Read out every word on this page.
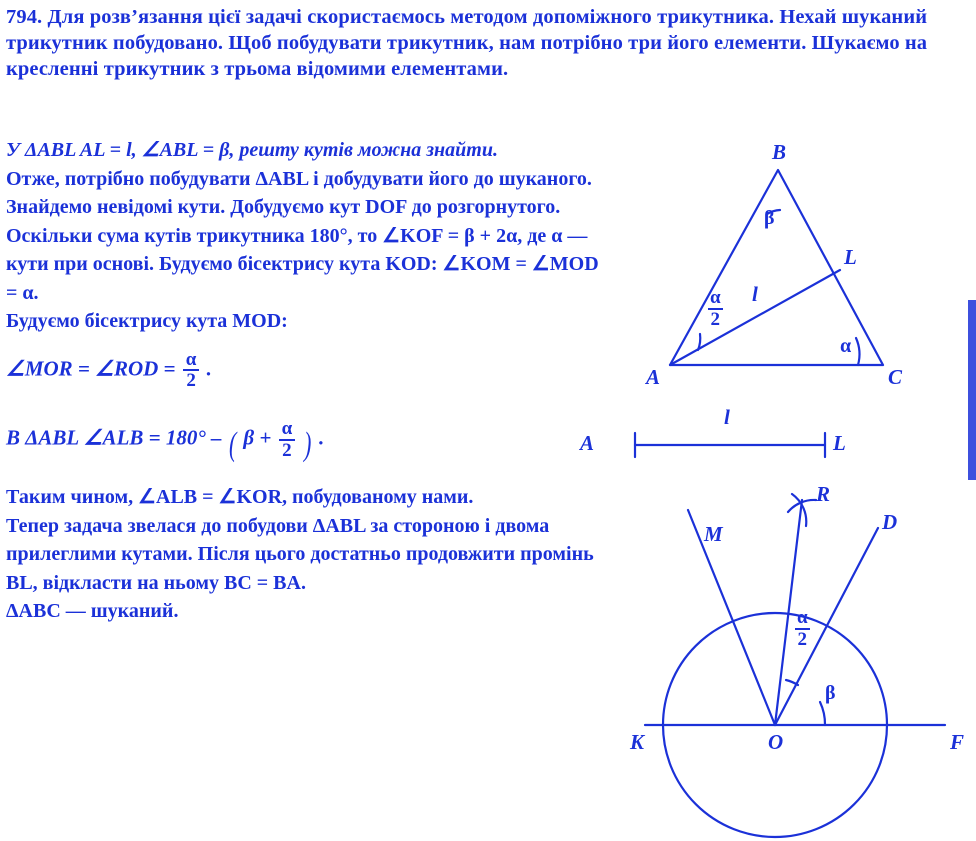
794. Для розв’язання цієї задачі скористаємось методом допоміжного трикутника. Нехай шуканий трикутник побудовано. Щоб побудувати трикутник, нам потрібно три його елементи. Шукаємо на кресленні трикутник з трьома відомими елементами.

У ΔABL AL = l, ∠ABL = β, решту кутів можна знайти.

Отже, потрібно побудувати ΔABL і добудувати його до шуканого.

Знайдемо невідомі кути. Добудуємо кут DOF до розгорнутого. Оскільки сума кутів трикутника 180°, то ∠KOF = β + 2α, де α — кути при основі. Будуємо бісектрису кута KOD: ∠KOM = ∠MOD = α.

Будуємо бісектрису кута MOD:

∠MOR = ∠ROD = $\frac{\alpha}{2}$ .
В ΔABL ∠ALB = 180° – ( $\beta + \frac{\alpha}{2}$ ) .

Таким чином, ∠ALB = ∠KOR, побудованому нами.

Тепер задача звелася до побудови ΔABL за стороною і двома прилеглими кутами. Після цього достатньо продовжити промінь BL, відкласти на ньому BC = BA.

ΔABC — шуканий.

B
A	C
L
l
β
α
$\frac{\alpha}{2}$
A	L
l
R
M	D
K	O	F
β
$\frac{\alpha}{2}$
